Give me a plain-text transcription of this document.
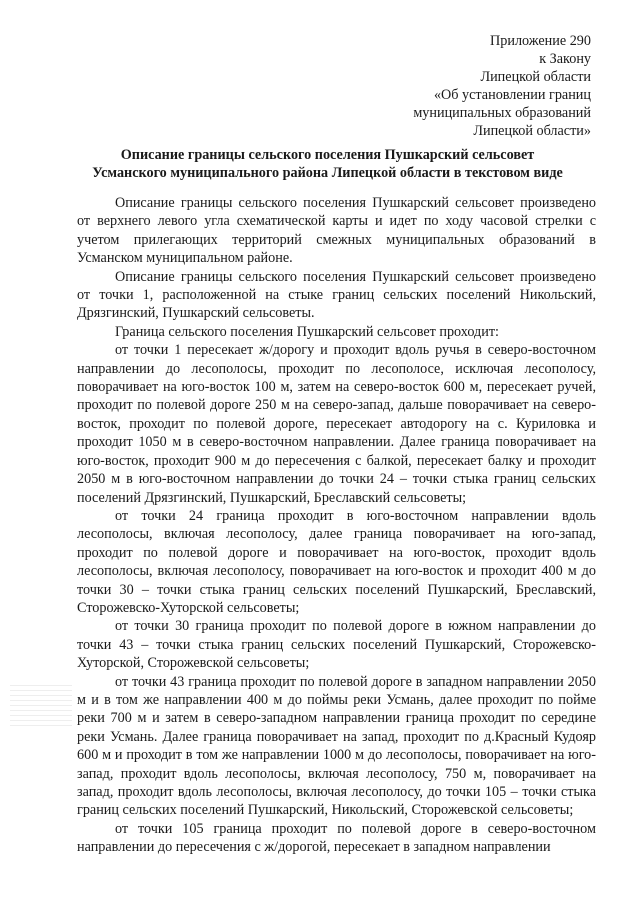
Приложение 290
к Закону
Липецкой области
«Об установлении границ
муниципальных образований
Липецкой области»
Описание границы сельского поселения Пушкарский сельсовет
Усманского муниципального района Липецкой области в текстовом виде

Описание границы сельского поселения Пушкарский сельсовет произведено от верхнего левого угла схематической карты и идет по ходу часовой стрелки с учетом прилегающих территорий смежных муниципальных образований в Усманском муниципальном районе.

Описание границы сельского поселения Пушкарский сельсовет произведено от точки 1, расположенной на стыке границ сельских поселений Никольский, Дрязгинский, Пушкарский сельсоветы.

Граница сельского поселения Пушкарский сельсовет проходит:

от точки 1 пересекает ж/дорогу и проходит вдоль ручья в северо-восточном направлении до лесополосы, проходит по лесополосе, исключая лесополосу, поворачивает на юго-восток 100 м, затем на северо-восток 600 м, пересекает ручей, проходит по полевой дороге 250 м на северо-запад, дальше поворачивает на северо-восток, проходит по полевой дороге, пересекает автодорогу на с. Куриловка и проходит 1050 м в северо-восточном направлении. Далее граница поворачивает на юго-восток, проходит 900 м до пересечения с балкой, пересекает балку и проходит 2050 м в юго-восточном направлении до точки 24 – точки стыка границ сельских поселений Дрязгинский, Пушкарский, Бреславский сельсоветы;

от точки 24 граница проходит в юго-восточном направлении вдоль лесополосы, включая лесополосу, далее граница поворачивает на юго-запад, проходит по полевой дороге и поворачивает на юго-восток, проходит вдоль лесополосы, включая лесополосу, поворачивает на юго-восток и проходит 400 м до точки 30 – точки стыка границ сельских поселений Пушкарский, Бреславский, Сторожевско-Хуторской сельсоветы;

от точки 30 граница проходит по полевой дороге в южном направлении до точки 43 – точки стыка границ сельских поселений Пушкарский, Сторожевско-Хуторской, Сторожевской сельсоветы;

от точки 43 граница проходит по полевой дороге в западном направлении 2050 м и в том же направлении 400 м до поймы реки Усмань, далее проходит по пойме реки 700 м и затем в северо-западном направлении граница проходит по середине реки Усмань. Далее граница поворачивает на запад, проходит по д.Красный Кудояр 600 м и проходит в том же направлении 1000 м до лесополосы, поворачивает на юго-запад, проходит вдоль лесополосы, включая лесополосу, 750 м, поворачивает на запад, проходит вдоль лесополосы, включая лесополосу, до точки 105 – точки стыка границ сельских поселений Пушкарский, Никольский, Сторожевской сельсоветы;

от точки 105 граница проходит по полевой дороге в северо-восточном направлении до пересечения с ж/дорогой, пересекает в западном направлении
